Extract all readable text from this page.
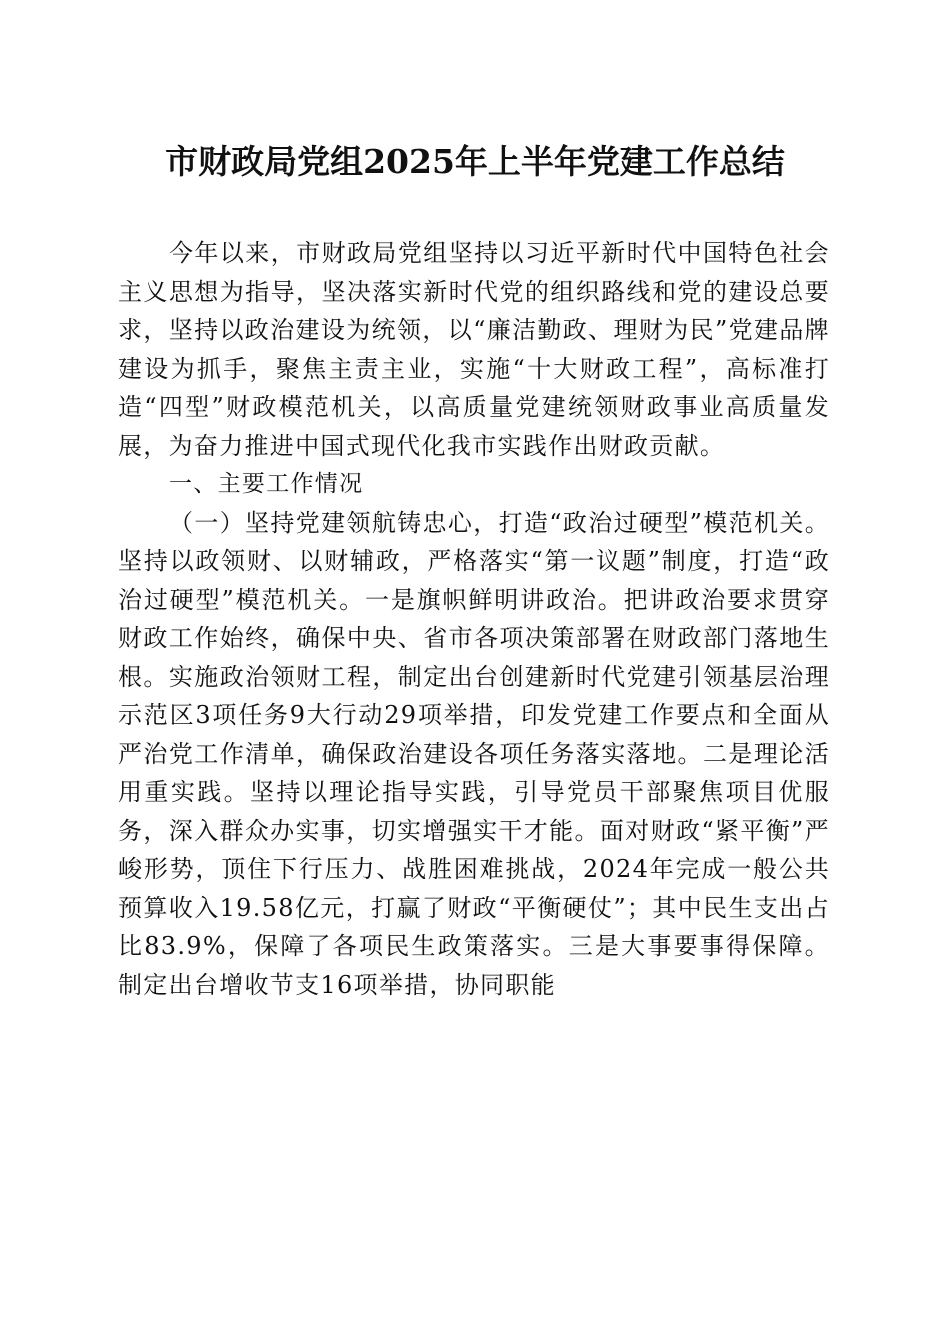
市财政局党组2025年上半年党建工作总结

今年以来，市财政局党组坚持以习近平新时代中国特色社会主义思想为指导，坚决落实新时代党的组织路线和党的建设总要求，坚持以政治建设为统领，以“廉洁勤政、理财为民”党建品牌建设为抓手，聚焦主责主业，实施“十大财政工程”，高标准打造“四型”财政模范机关，以高质量党建统领财政事业高质量发展，为奋力推进中国式现代化我市实践作出财政贡献。

一、主要工作情况

（一）坚持党建领航铸忠心，打造“政治过硬型”模范机关。坚持以政领财、以财辅政，严格落实“第一议题”制度，打造“政治过硬型”模范机关。一是旗帜鲜明讲政治。把讲政治要求贯穿财政工作始终，确保中央、省市各项决策部署在财政部门落地生根。实施政治领财工程，制定出台创建新时代党建引领基层治理示范区3项任务9大行动29项举措，印发党建工作要点和全面从严治党工作清单，确保政治建设各项任务落实落地。二是理论活用重实践。坚持以理论指导实践，引导党员干部聚焦项目优服务，深入群众办实事，切实增强实干才能。面对财政“紧平衡”严峻形势，顶住下行压力、战胜困难挑战，2024年完成一般公共预算收入19.58亿元，打赢了财政“平衡硬仗”；其中民生支出占比83.9%，保障了各项民生政策落实。三是大事要事得保障。制定出台增收节支16项举措，协同职能
